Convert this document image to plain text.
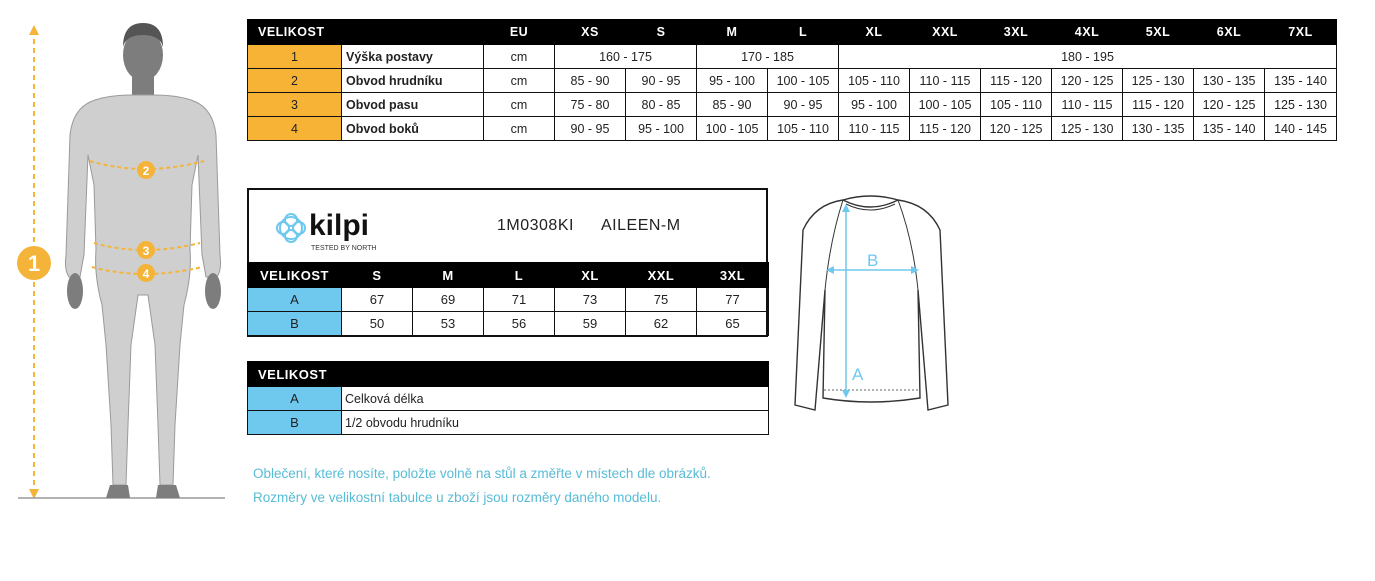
1
2
3
4
VELIKOST		EU	XS	S	M	L	XL	XXL	3XL	4XL	5XL	6XL	7XL
1	Výška postavy	cm	160 - 175		170 - 185		180 - 195						
2	Obvod hrudníku	cm	85 - 90	90 - 95	95 - 100	100 - 105	105 - 110	110 - 115	115 - 120	120 - 125	125 - 130	130 - 135	135 - 140
3	Obvod pasu	cm	75 - 80	80 - 85	85 - 90	90 - 95	95 - 100	100 - 105	105 - 110	110 - 115	115 - 120	120 - 125	125 - 130
4	Obvod boků	cm	90 - 95	95 - 100	100 - 105	105 - 110	110 - 115	115 - 120	120 - 125	125 - 130	130 - 135	135 - 140	140 - 145
kilpi
TESTED BY NORTH
1M0308KI AILEEN-M
VELIKOST	S	M	L	XL	XXL	3XL
A	67	69	71	73	75	77
B	50	53	56	59	62	65
VELIKOST	
A	Celková délka
B	1/2 obvodu hrudníku
A
B
Oblečení, které nosíte, položte volně na stůl a změřte v místech dle obrázků.
Rozměry ve velikostní tabulce u zboží jsou rozměry daného modelu.
